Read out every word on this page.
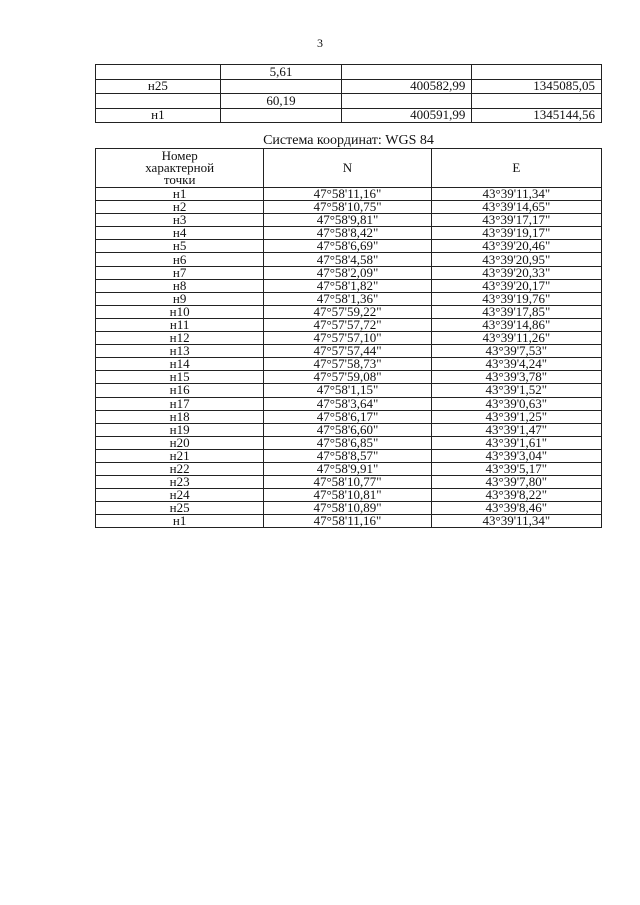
3
	5,61		
н25		400582,99	1345085,05
	60,19		
н1		400591,99	1345144,56
Система координат: WGS 84
Номер
характерной
точки	N	E
н1	47°58'11,16"	43°39'11,34"
н2	47°58'10,75"	43°39'14,65"
н3	47°58'9,81"	43°39'17,17"
н4	47°58'8,42"	43°39'19,17"
н5	47°58'6,69"	43°39'20,46"
н6	47°58'4,58"	43°39'20,95"
н7	47°58'2,09"	43°39'20,33"
н8	47°58'1,82"	43°39'20,17"
н9	47°58'1,36"	43°39'19,76"
н10	47°57'59,22"	43°39'17,85"
н11	47°57'57,72"	43°39'14,86"
н12	47°57'57,10"	43°39'11,26"
н13	47°57'57,44"	43°39'7,53"
н14	47°57'58,73"	43°39'4,24"
н15	47°57'59,08"	43°39'3,78"
н16	47°58'1,15"	43°39'1,52"
н17	47°58'3,64"	43°39'0,63"
н18	47°58'6,17"	43°39'1,25"
н19	47°58'6,60"	43°39'1,47"
н20	47°58'6,85"	43°39'1,61"
н21	47°58'8,57"	43°39'3,04"
н22	47°58'9,91"	43°39'5,17"
н23	47°58'10,77"	43°39'7,80"
н24	47°58'10,81"	43°39'8,22"
н25	47°58'10,89"	43°39'8,46"
н1	47°58'11,16"	43°39'11,34"
